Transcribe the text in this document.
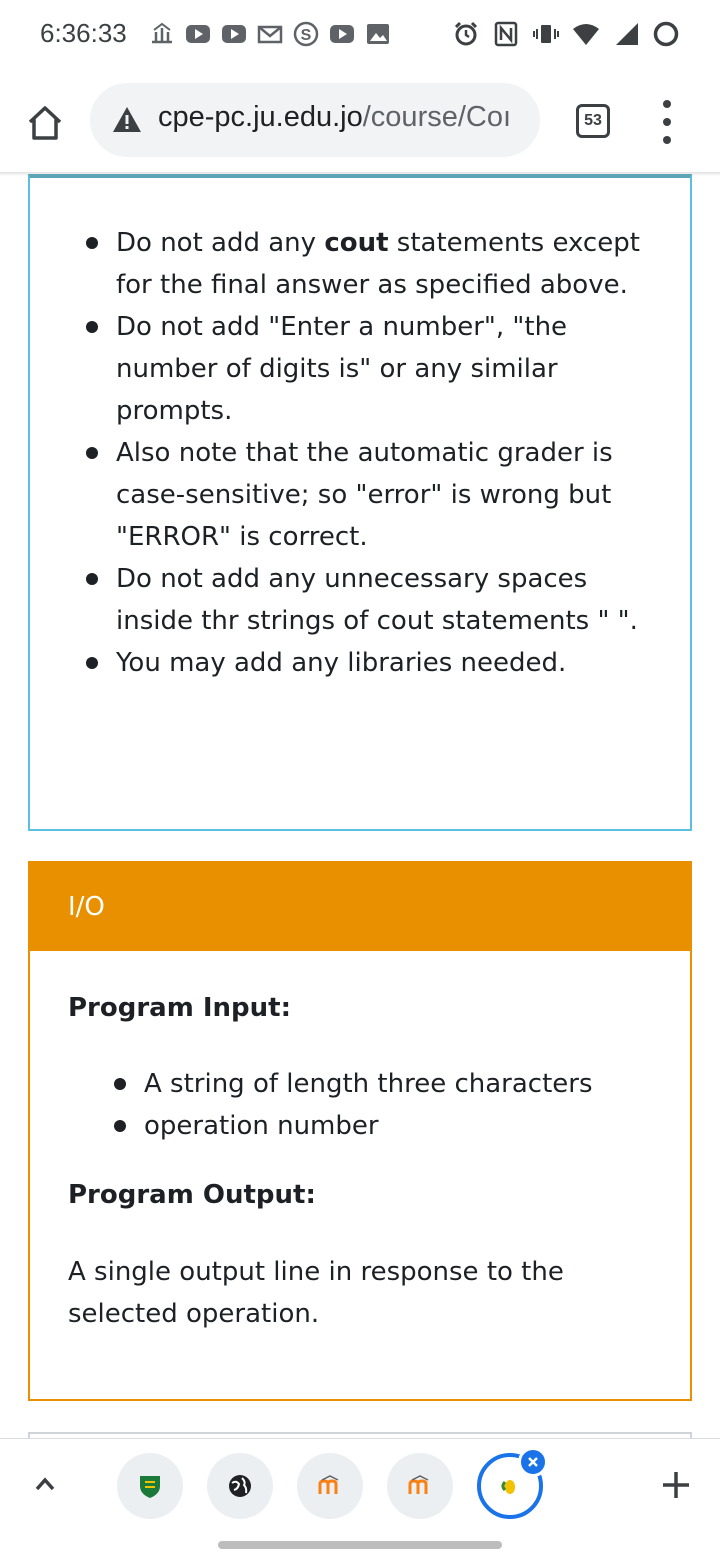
6:36:33	S
cpe-pc.ju.edu.jo/course/Coı	53
Do not add any cout statements except for the final answer as specified above.
Do not add "Enter a number", "the number of digits is" or any similar prompts.
Also note that the automatic grader is case-sensitive; so "error" is wrong but "ERROR" is correct.
Do not add any unnecessary spaces inside thr strings of cout statements " ".
You may add any libraries needed.
I/O
Program Input:
A string of length three characters
operation number
Program Output:
A single output line in response to the selected operation.
